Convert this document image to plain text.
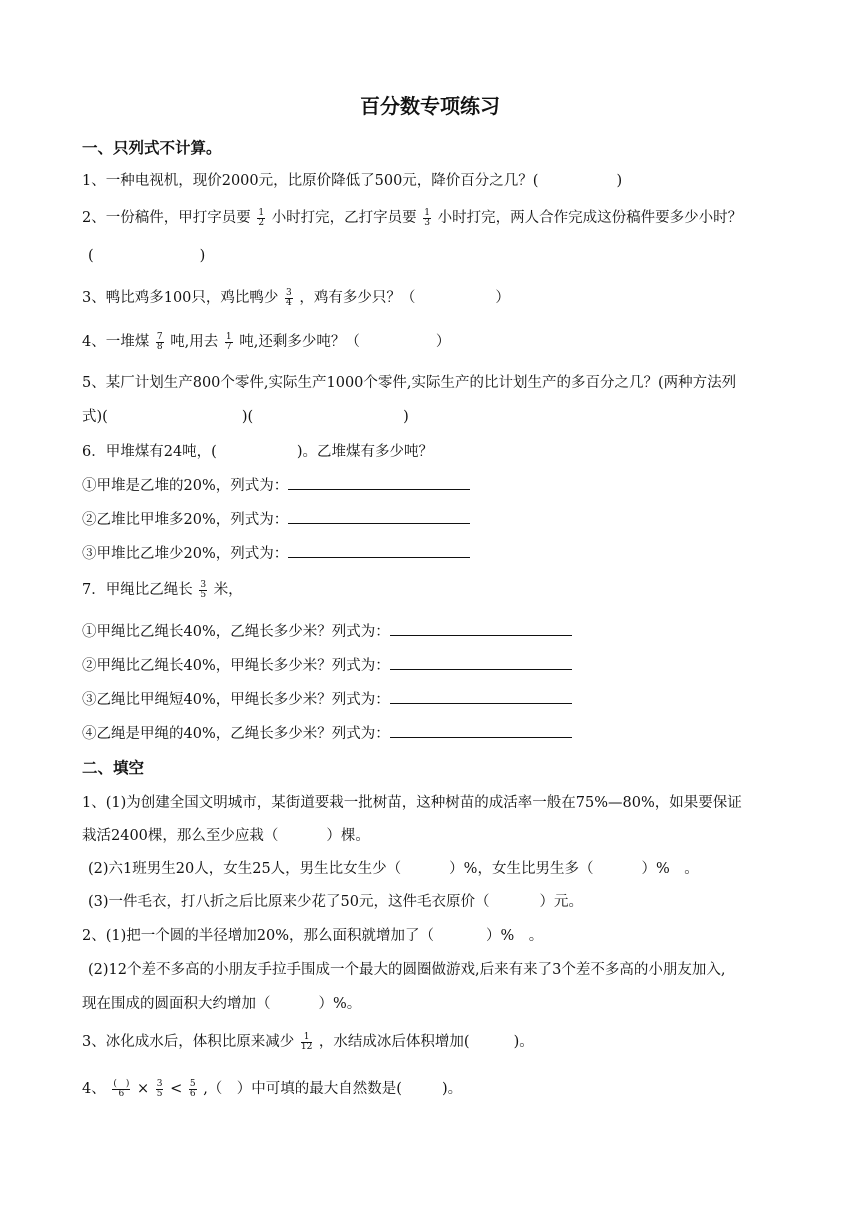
百分数专项练习
一、只列式不计算。
1、一种电视机，现价2000元，比原价降低了500元，降价百分之几？(	)
2、一份稿件，甲打字员要 $\frac{1}{2}$ 小时打完，乙打字员要 $\frac{1}{3}$ 小时打完，两人合作完成这份稿件要多少小时？
(	)
3、鸭比鸡多100只，鸡比鸭少 $\frac{3}{4}$ ，鸡有多少只？（	）
4、一堆煤 $\frac{7}{8}$ 吨,用去 $\frac{1}{7}$ 吨,还剩多少吨？（	）
5、某厂计划生产800个零件,实际生产1000个零件,实际生产的比计划生产的多百分之几？(两种方法列
式)(	)(	)
6．甲堆煤有24吨，(	)。乙堆煤有多少吨？
①甲堆是乙堆的20%，列式为：
②乙堆比甲堆多20%，列式为：
③甲堆比乙堆少20%，列式为：
7．甲绳比乙绳长 $\frac{3}{5}$ 米，
①甲绳比乙绳长40%，乙绳长多少米？列式为：
②甲绳比乙绳长40%，甲绳长多少米？列式为：
③乙绳比甲绳短40%，甲绳长多少米？列式为：
④乙绳是甲绳的40%，乙绳长多少米？列式为：
二、填空
1、(1)为创建全国文明城市，某街道要栽一批树苗，这种树苗的成活率一般在75%—80%，如果要保证
栽活2400棵，那么至少应栽（	）棵。
(2)六1班男生20人，女生25人，男生比女生少（	）%，女生比男生多（	）%　。
(3)一件毛衣，打八折之后比原来少花了50元，这件毛衣原价（	）元。
2、(1)把一个圆的半径增加20%，那么面积就增加了（	）%　。
(2)12个差不多高的小朋友手拉手围成一个最大的圆圈做游戏,后来有来了3个差不多高的小朋友加入,
现在围成的圆面积大约增加（	）%。
3、冰化成水后，体积比原来减少 $\frac{1}{12}$ ，水结成冰后体积增加(	)。
4、 $\frac{( )}{6} \times \frac{3}{5} < \frac{5}{6}$ ,（　）中可填的最大自然数是(	)。
